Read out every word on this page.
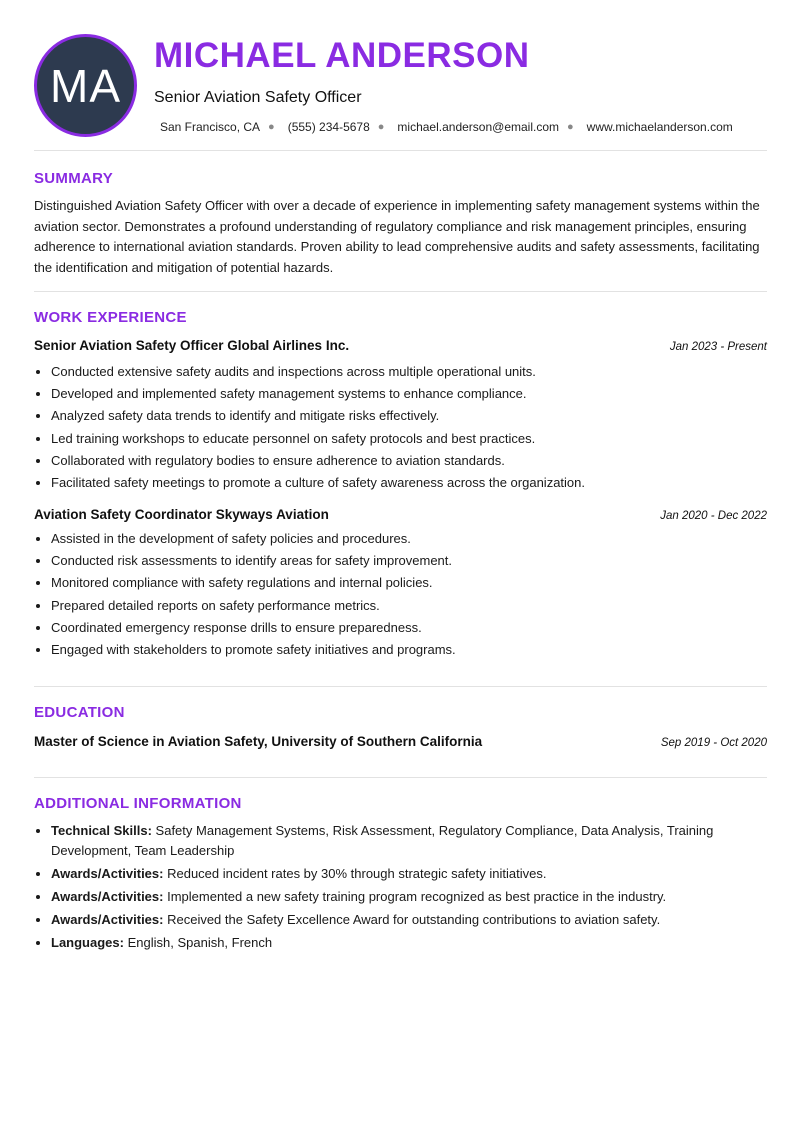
MA
MICHAEL ANDERSON
Senior Aviation Safety Officer
San Francisco, CA ● (555) 234-5678 ● michael.anderson@email.com ● www.michaelanderson.com
SUMMARY

Distinguished Aviation Safety Officer with over a decade of experience in implementing safety management systems within the aviation sector. Demonstrates a profound understanding of regulatory compliance and risk management principles, ensuring adherence to international aviation standards. Proven ability to lead comprehensive audits and safety assessments, facilitating the identification and mitigation of potential hazards.

WORK EXPERIENCE
Senior Aviation Safety Officer Global Airlines Inc.	Jan 2023 - Present
• Conducted extensive safety audits and inspections across multiple operational units.
• Developed and implemented safety management systems to enhance compliance.
• Analyzed safety data trends to identify and mitigate risks effectively.
• Led training workshops to educate personnel on safety protocols and best practices.
• Collaborated with regulatory bodies to ensure adherence to aviation standards.
• Facilitated safety meetings to promote a culture of safety awareness across the organization.
Aviation Safety Coordinator Skyways Aviation	Jan 2020 - Dec 2022
• Assisted in the development of safety policies and procedures.
• Conducted risk assessments to identify areas for safety improvement.
• Monitored compliance with safety regulations and internal policies.
• Prepared detailed reports on safety performance metrics.
• Coordinated emergency response drills to ensure preparedness.
• Engaged with stakeholders to promote safety initiatives and programs.
EDUCATION
Master of Science in Aviation Safety, University of Southern California	Sep 2019 - Oct 2020
ADDITIONAL INFORMATION
• Technical Skills: Safety Management Systems, Risk Assessment, Regulatory Compliance, Data Analysis, Training Development, Team Leadership
• Awards/Activities: Reduced incident rates by 30% through strategic safety initiatives.
• Awards/Activities: Implemented a new safety training program recognized as best practice in the industry.
• Awards/Activities: Received the Safety Excellence Award for outstanding contributions to aviation safety.
• Languages: English, Spanish, French
